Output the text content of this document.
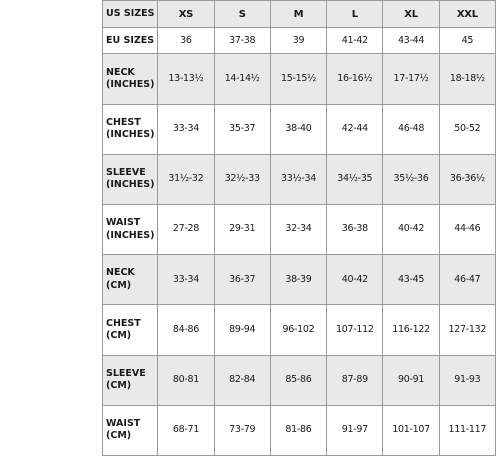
US SIZES	XS	S	M	L	XL	XXL

EU SIZES	36	37-38	39	41-42	43-44	45

NECK
(INCHES)	13-13½	14-14½	15-15½	16-16½	17-17½	18-18½

CHEST
(INCHES)	33-34	35-37	38-40	42-44	46-48	50-52

SLEEVE
(INCHES)	31½-32	32½-33	33½-34	34½-35	35½-36	36-36½

WAIST
(INCHES)	27-28	29-31	32-34	36-38	40-42	44-46

NECK
(CM)	33-34	36-37	38-39	40-42	43-45	46-47

CHEST
(CM)	84-86	89-94	96-102	107-112	116-122	127-132

SLEEVE
(CM)	80-81	82-84	85-86	87-89	90-91	91-93

WAIST
(CM)	68-71	73-79	81-86	91-97	101-107	111-117
